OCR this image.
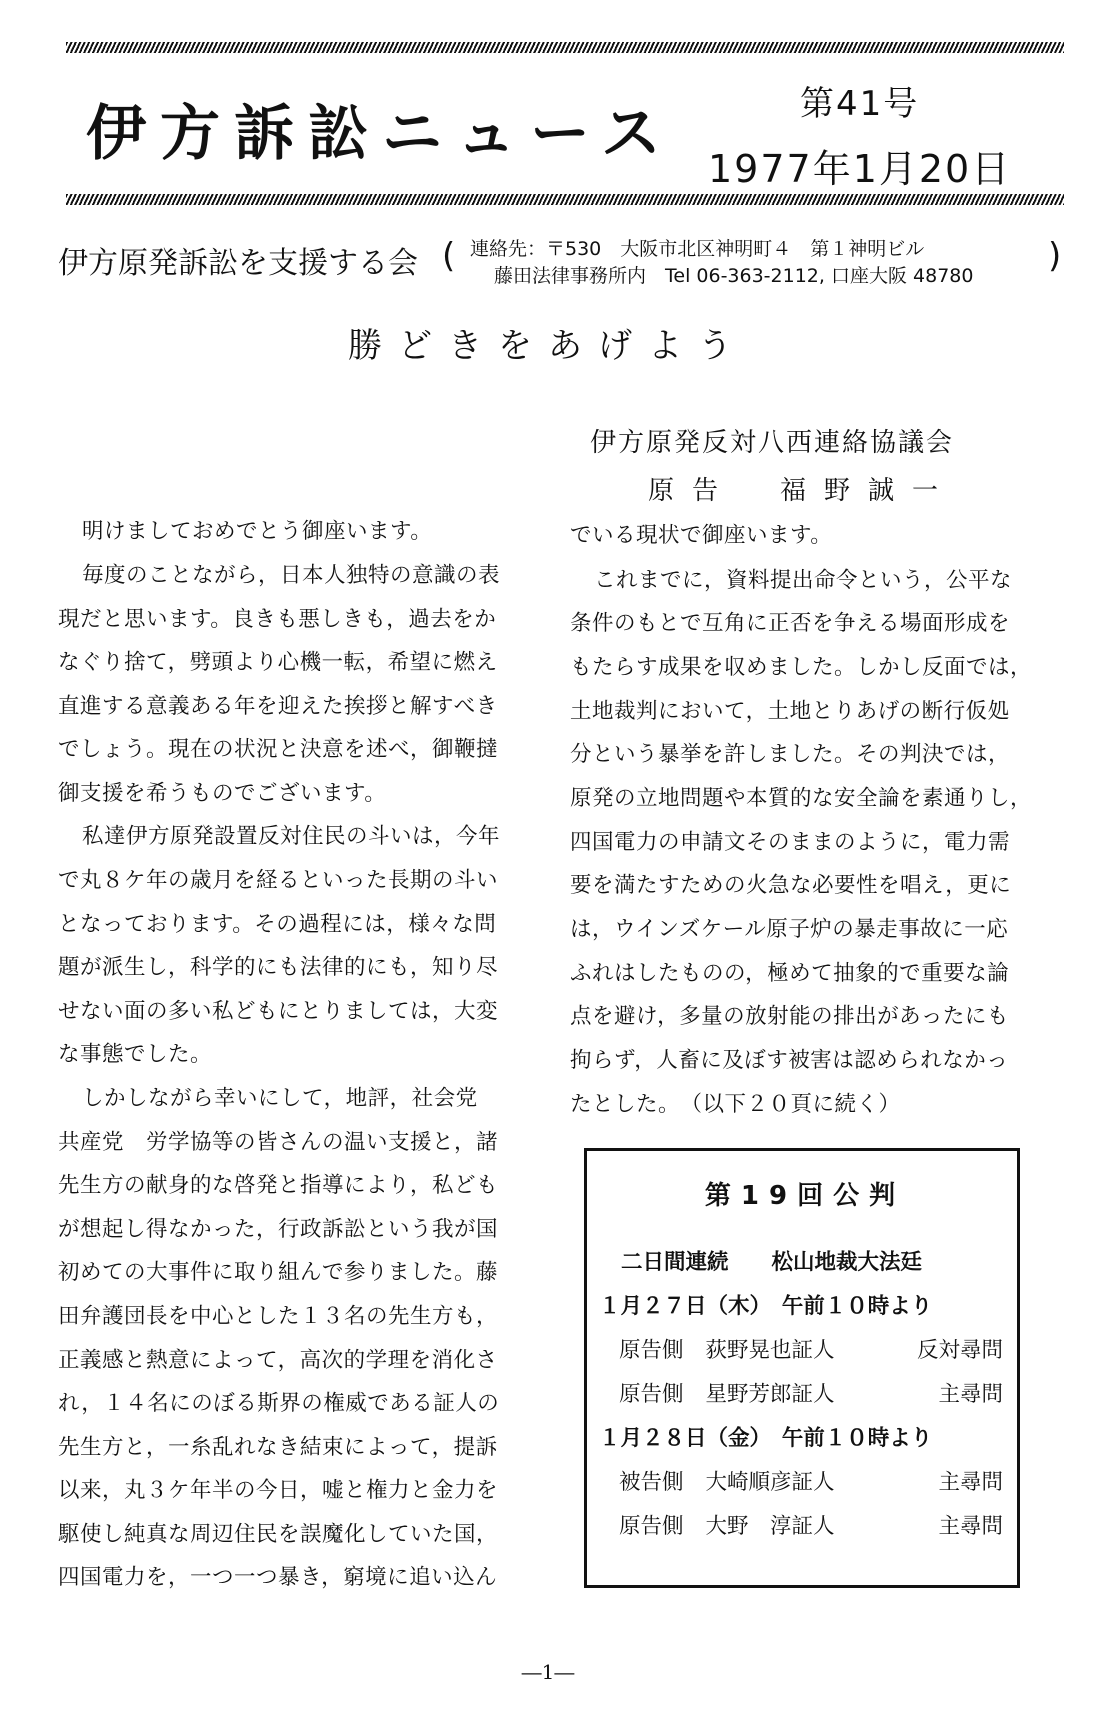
伊方訴訟ニュース	第41号
1977年1月20日
伊方原発訴訟を支援する会 ( 連絡先：〒530　大阪市北区神明町４　第１神明ビル
藤田法律事務所内　Tel 06-363-2112, 口座大阪 48780 )
勝どきをあげよう
伊方原発反対八西連絡協議会
原告　福野誠一
明けましておめでとう御座います。
毎度のことながら，日本人独特の意識の表
現だと思います。良きも悪しきも，過去をか
なぐり捨て，劈頭より心機一転，希望に燃え
直進する意義ある年を迎えた挨拶と解すべき
でしょう。現在の状況と決意を述べ，御鞭撻
御支援を希うものでございます。
私達伊方原発設置反対住民の斗いは，今年
で丸８ケ年の歳月を経るといった長期の斗い
となっております。その過程には，様々な問
題が派生し，科学的にも法律的にも，知り尽
せない面の多い私どもにとりましては，大変
な事態でした。
しかしながら幸いにして，地評，社会党
共産党　労学協等の皆さんの温い支援と，諸
先生方の献身的な啓発と指導により，私ども
が想起し得なかった，行政訴訟という我が国
初めての大事件に取り組んで参りました。藤
田弁護団長を中心とした１３名の先生方も，
正義感と熱意によって，高次的学理を消化さ
れ，１４名にのぼる斯界の権威である証人の
先生方と，一糸乱れなき結束によって，提訴
以来，丸３ケ年半の今日，嘘と権力と金力を
駆使し純真な周辺住民を誤魔化していた国，
四国電力を，一つ一つ暴き，窮境に追い込ん
でいる現状で御座います。
これまでに，資料提出命令という，公平な
条件のもとで互角に正否を争える場面形成を
もたらす成果を収めました。しかし反面では，
土地裁判において，土地とりあげの断行仮処
分という暴挙を許しました。その判決では，
原発の立地問題や本質的な安全論を素通りし，
四国電力の申請文そのままのように，電力需
要を満たすための火急な必要性を唱え，更に
は，ウインズケール原子炉の暴走事故に一応
ふれはしたものの，極めて抽象的で重要な論
点を避け，多量の放射能の排出があったにも
拘らず，人畜に及ぼす被害は認められなかっ
たとした。　（以下２０頁に続く）
第19回公判
二日間連続　　松山地裁大法廷
１月２７日（木）　午前１０時より
原告側 荻野晃也証人	反対尋問
原告側 星野芳郎証人	主尋問
１月２８日（金）　午前１０時より
被告側 大崎順彦証人	主尋問
原告側 大野　淳証人	主尋問
―1―
